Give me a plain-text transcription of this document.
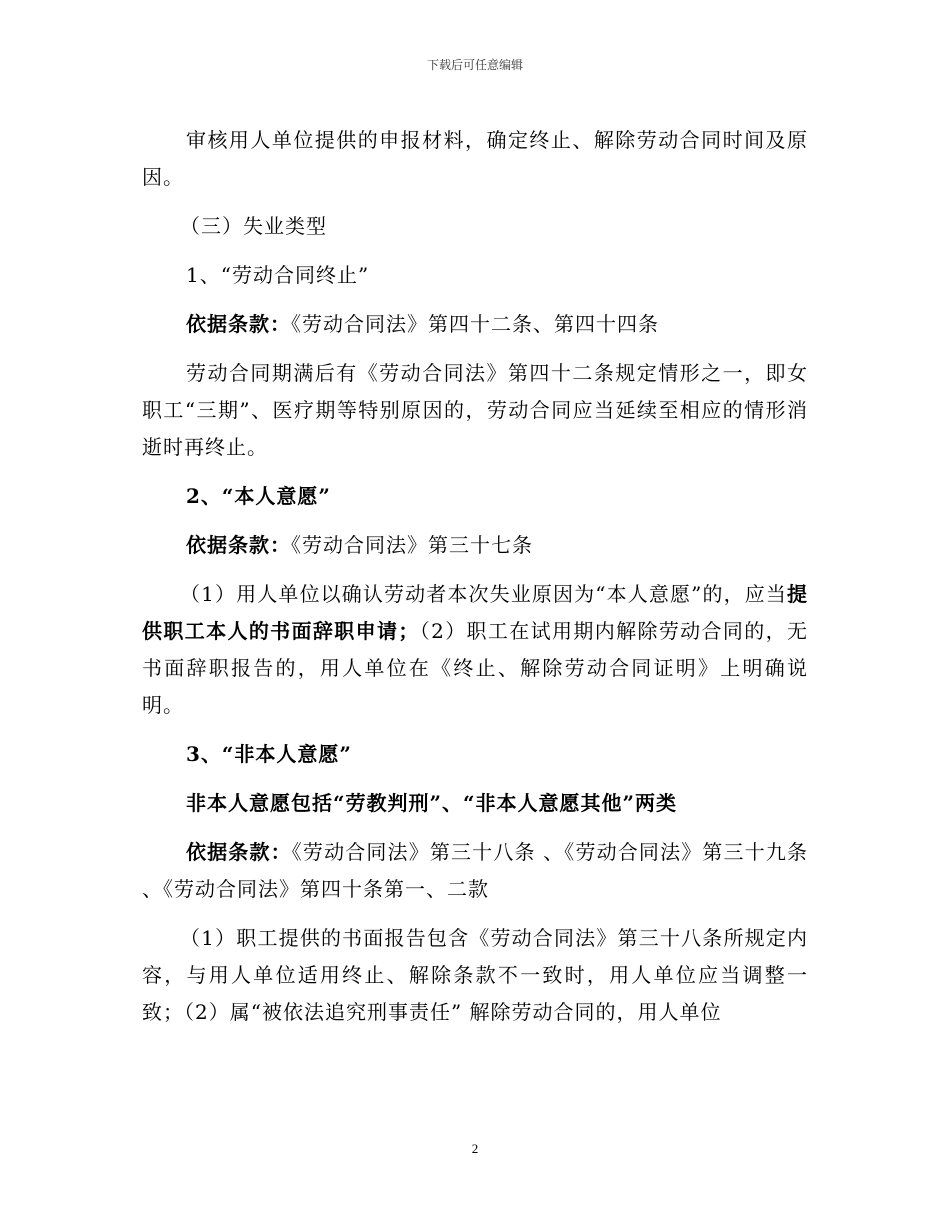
下载后可任意编辑

审核用人单位提供的申报材料，确定终止、解除劳动合同时间及原因。

（三）失业类型

1、“劳动合同终止”

依据条款：《劳动合同法》第四十二条、第四十四条

劳动合同期满后有《劳动合同法》第四十二条规定情形之一，即女职工“三期”、医疗期等特别原因的，劳动合同应当延续至相应的情形消逝时再终止。

2、“本人意愿”

依据条款：《劳动合同法》第三十七条

（1）用人单位以确认劳动者本次失业原因为“本人意愿”的，应当提供职工本人的书面辞职申请；（2）职工在试用期内解除劳动合同的，无书面辞职报告的，用人单位在《终止、解除劳动合同证明》上明确说明。

3、“非本人意愿”

非本人意愿包括“劳教判刑”、“非本人意愿其他”两类

依据条款：《劳动合同法》第三十八条 、《劳动合同法》第三十九条 、《劳动合同法》第四十条第一、二款

（1）职工提供的书面报告包含《劳动合同法》第三十八条所规定内容，与用人单位适用终止、解除条款不一致时，用人单位应当调整一致；（2）属“被依法追究刑事责任” 解除劳动合同的，用人单位

2
